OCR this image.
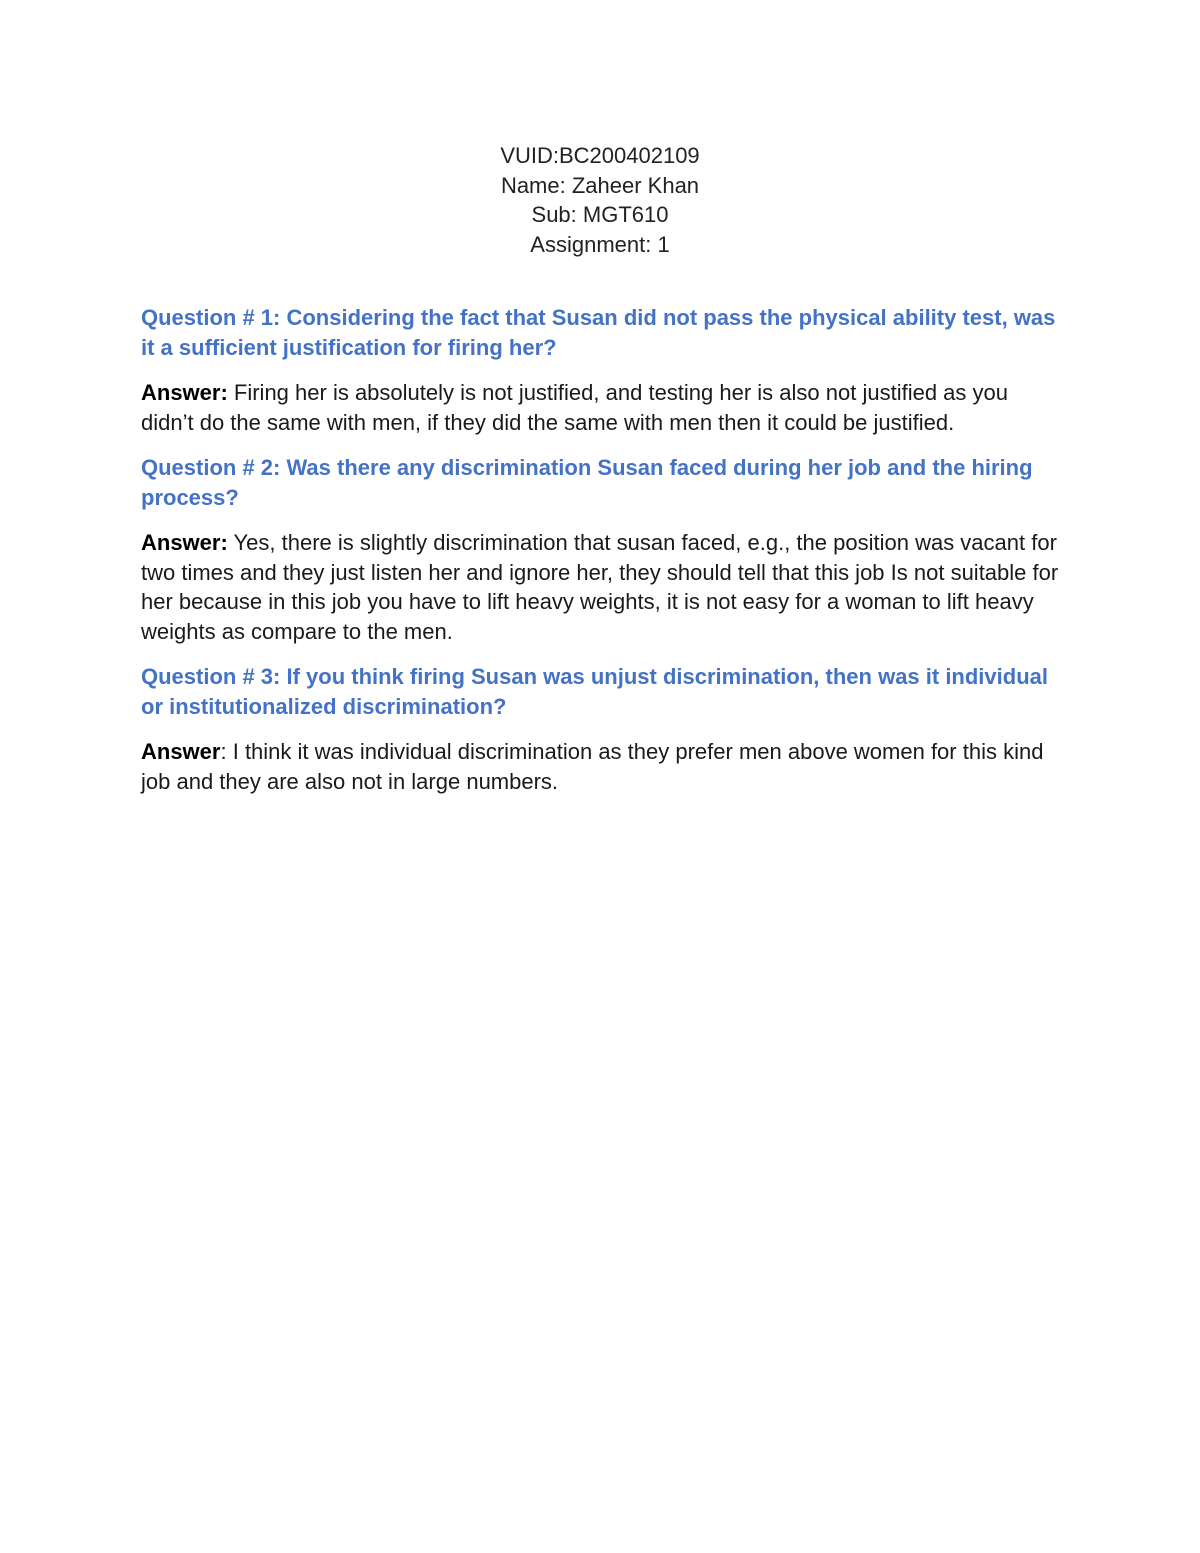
VUID:BC200402109
Name: Zaheer Khan
Sub: MGT610
Assignment: 1

Question # 1: Considering the fact that Susan did not pass the physical ability test, was it a sufficient justification for firing her?

Answer: Firing her is absolutely is not justified, and testing her is also not justified as you didn’t do the same with men, if they did the same with men then it could be justified.

Question # 2: Was there any discrimination Susan faced during her job and the hiring process?

Answer: Yes, there is slightly discrimination that susan faced, e.g., the position was vacant for two times and they just listen her and ignore her, they should tell that this job Is not suitable for her because in this job you have to lift heavy weights, it is not easy for a woman to lift heavy weights as compare to the men.

Question # 3: If you think firing Susan was unjust discrimination, then was it individual or institutionalized discrimination?

Answer: I think it was individual discrimination as they prefer men above women for this kind job and they are also not in large numbers.
